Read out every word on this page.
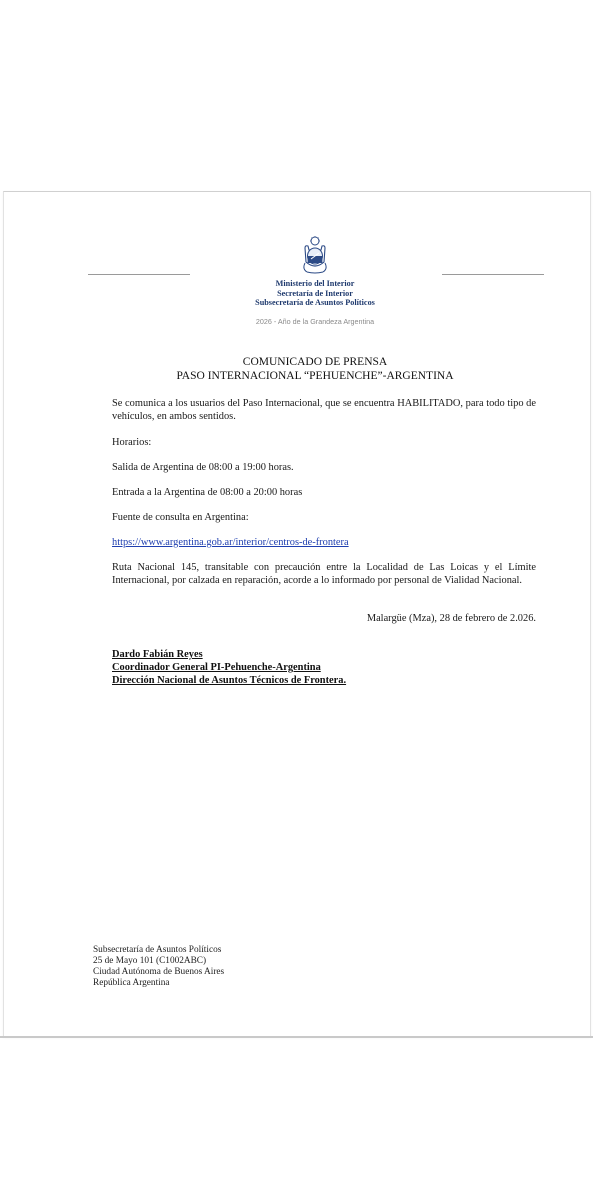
Ministerio del Interior
Secretaría de Interior
Subsecretaría de Asuntos Políticos
2026 - Año de la Grandeza Argentina
COMUNICADO DE PRENSA
PASO INTERNACIONAL “PEHUENCHE”-ARGENTINA
Se comunica a los usuarios del Paso Internacional, que se encuentra HABILITADO, para todo tipo de vehículos, en ambos sentidos.
Horarios:
Salida de Argentina de 08:00 a 19:00 horas.
Entrada a la Argentina de 08:00 a 20:00 horas
Fuente de consulta en Argentina:
https://www.argentina.gob.ar/interior/centros-de-frontera
Ruta Nacional 145, transitable con precaución entre la Localidad de Las Loicas y el Límite Internacional, por calzada en reparación, acorde a lo informado por personal de Vialidad Nacional.
Malargüe (Mza), 28 de febrero de 2.026.
Dardo Fabián Reyes
Coordinador General PI-Pehuenche-Argentina
Dirección Nacional de Asuntos Técnicos de Frontera.
Subsecretaría de Asuntos Políticos
25 de Mayo 101 (C1002ABC)
Ciudad Autónoma de Buenos Aires
República Argentina
